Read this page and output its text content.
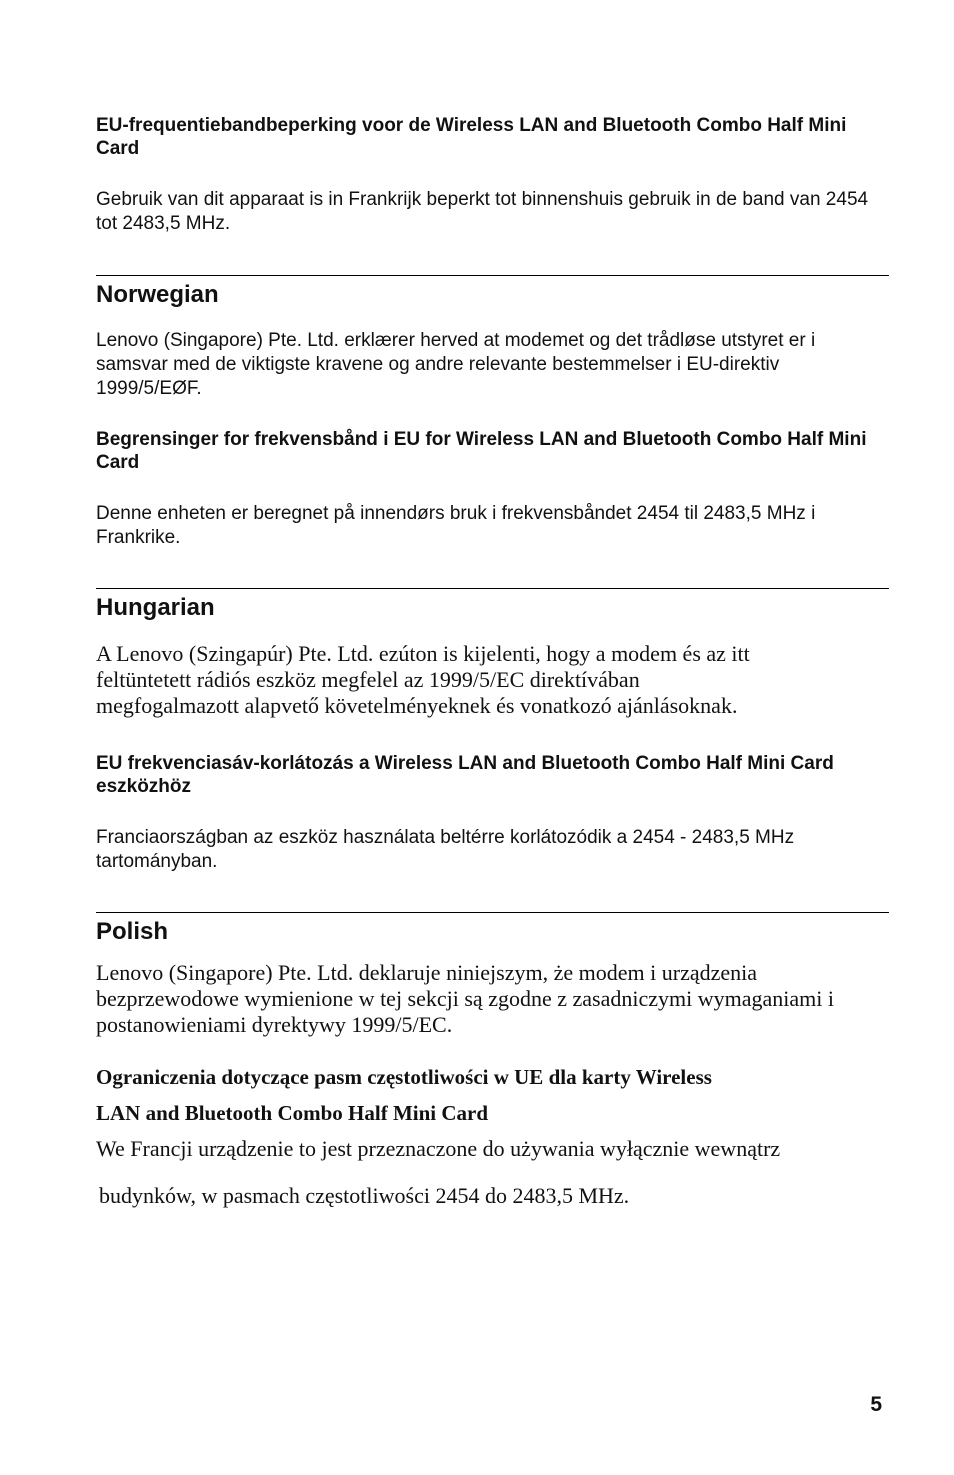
EU-frequentiebandbeperking voor de Wireless LAN and Bluetooth Combo Half Mini Card

Gebruik van dit apparaat is in Frankrijk beperkt tot binnenshuis gebruik in de band van 2454 tot 2483,5 MHz.

Norwegian

Lenovo (Singapore) Pte. Ltd. erklærer herved at modemet og det trådløse utstyret er i samsvar med de viktigste kravene og andre relevante bestemmelser i EU-direktiv 1999/5/EØF.

Begrensinger for frekvensbånd i EU for Wireless LAN and Bluetooth Combo Half Mini Card

Denne enheten er beregnet på innendørs bruk i frekvensbåndet 2454 til 2483,5 MHz i Frankrike.

Hungarian
A Lenovo (Szingapúr) Pte. Ltd. ezúton is kijelenti, hogy a modem és az itt
feltüntetett rádiós eszköz megfelel az 1999/5/EC direktívában
megfogalmazott alapvető követelményeknek és vonatkozó ajánlásoknak.

EU frekvenciasáv-korlátozás a Wireless LAN and Bluetooth Combo Half Mini Card eszközhöz

Franciaországban az eszköz használata beltérre korlátozódik a 2454 - 2483,5 MHz tartományban.

Polish

Lenovo (Singapore) Pte. Ltd. deklaruje niniejszym, że modem i urządzenia bezprzewodowe wymienione w tej sekcji są zgodne z zasadniczymi wymaganiami i postanowieniami dyrektywy 1999/5/EC.

Ograniczenia dotyczące pasm częstotliwości w UE dla karty Wireless
LAN and Bluetooth Combo Half Mini Card
We Francji urządzenie to jest przeznaczone do używania wyłącznie wewnątrz
budynków, w pasmach częstotliwości 2454 do 2483,5 MHz.
5
